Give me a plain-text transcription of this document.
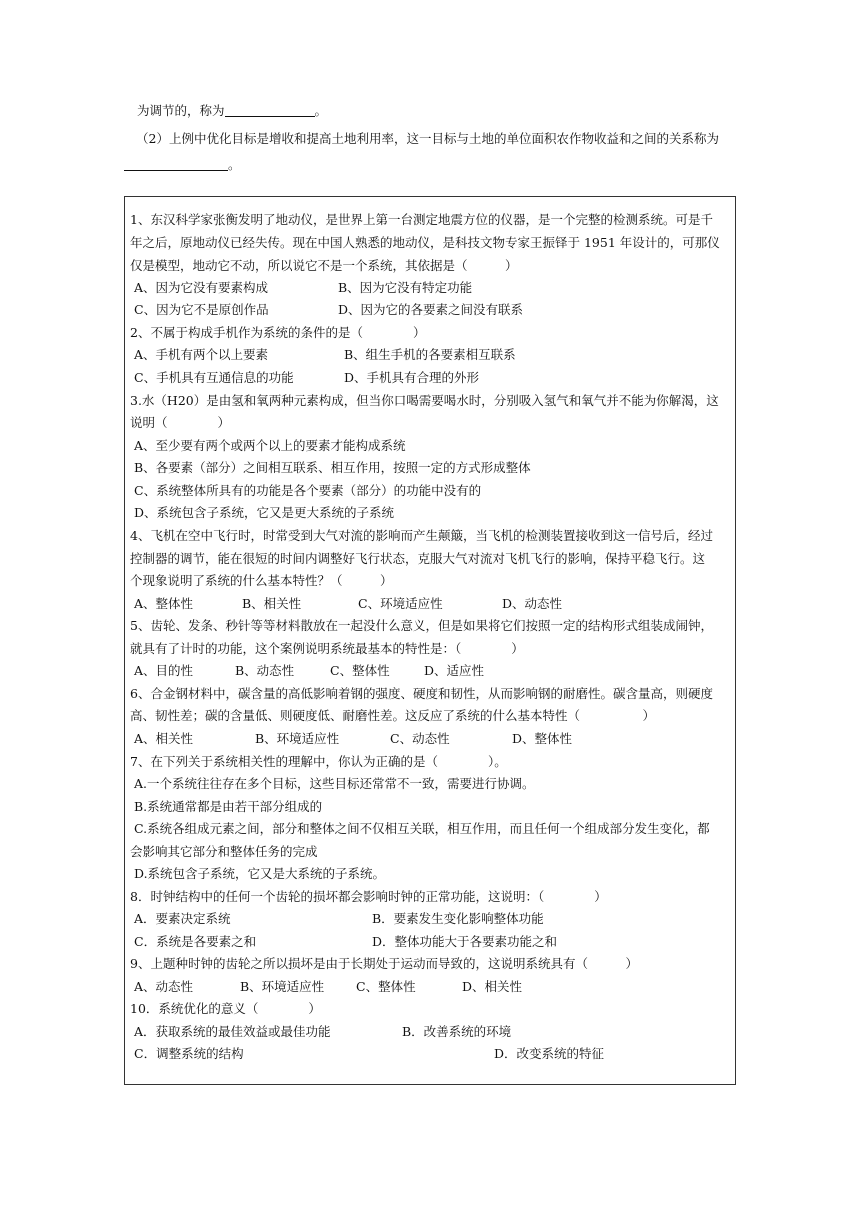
为调节的，称为	。
（2）上例中优化目标是增收和提高土地利用率，这一目标与土地的单位面积农作物收益和之间的关系称为
。
1、东汉科学家张衡发明了地动仪，是世界上第一台测定地震方位的仪器，是一个完整的检测系统。可是千
年之后，原地动仪已经失传。现在中国人熟悉的地动仪，是科技文物专家王振铎于 1951 年设计的，可那仪
仅是模型，地动它不动，所以说它不是一个系统，其依据是（　　　）
A、因为它没有要素构成	B、因为它没有特定功能
C、因为它不是原创作品	D、因为它的各要素之间没有联系
2、不属于构成手机作为系统的条件的是（　　　　）
A、手机有两个以上要素	B、组生手机的各要素相互联系
C、手机具有互通信息的功能	D、手机具有合理的外形
3.水（H20）是由氢和氧两种元素构成，但当你口喝需要喝水时，分别吸入氢气和氧气并不能为你解渴，这
说明（　　　　）
A、至少要有两个或两个以上的要素才能构成系统
B、各要素（部分）之间相互联系、相互作用，按照一定的方式形成整体
C、系统整体所具有的功能是各个要素（部分）的功能中没有的
D、系统包含子系统，它又是更大系统的子系统
4、飞机在空中飞行时，时常受到大气对流的影响而产生颠簸，当飞机的检测装置接收到这一信号后，经过
控制器的调节，能在很短的时间内调整好飞行状态，克服大气对流对飞机飞行的影响，保持平稳飞行。这
个现象说明了系统的什么基本特性？（　　　）
A、整体性	B、相关性	C、环境适应性	D、动态性
5、齿轮、发条、秒针等等材料散放在一起没什么意义，但是如果将它们按照一定的结构形式组装成闹钟，
就具有了计时的功能，这个案例说明系统最基本的特性是：（　　　　）
A、目的性	B、动态性	C、整体性	D、适应性
6、合金钢材料中，碳含量的高低影响着钢的强度、硬度和韧性，从而影响钢的耐磨性。碳含量高，则硬度
高、韧性差；碳的含量低、则硬度低、耐磨性差。这反应了系统的什么基本特性（　　　　　）
A、相关性	B、环境适应性	C、动态性	D、整体性
7、在下列关于系统相关性的理解中，你认为正确的是（　　　　）。
A.一个系统往往存在多个目标，这些目标还常常不一致，需要进行协调。
B.系统通常都是由若干部分组成的
C.系统各组成元素之间，部分和整体之间不仅相互关联，相互作用，而且任何一个组成部分发生变化，都
会影响其它部分和整体任务的完成
D.系统包含子系统，它又是大系统的子系统。
8．时钟结构中的任何一个齿轮的损坏都会影响时钟的正常功能，这说明：（　　　　）
A．要素决定系统	B．要素发生变化影响整体功能
C．系统是各要素之和	D．整体功能大于各要素功能之和
9、上题种时钟的齿轮之所以损坏是由于长期处于运动而导致的，这说明系统具有（　　　）
A、动态性	B、环境适应性	C、整体性	D、相关性
10．系统优化的意义（　　　　）
A．获取系统的最佳效益或最佳功能	B．改善系统的环境
C．调整系统的结构	D．改变系统的特征
